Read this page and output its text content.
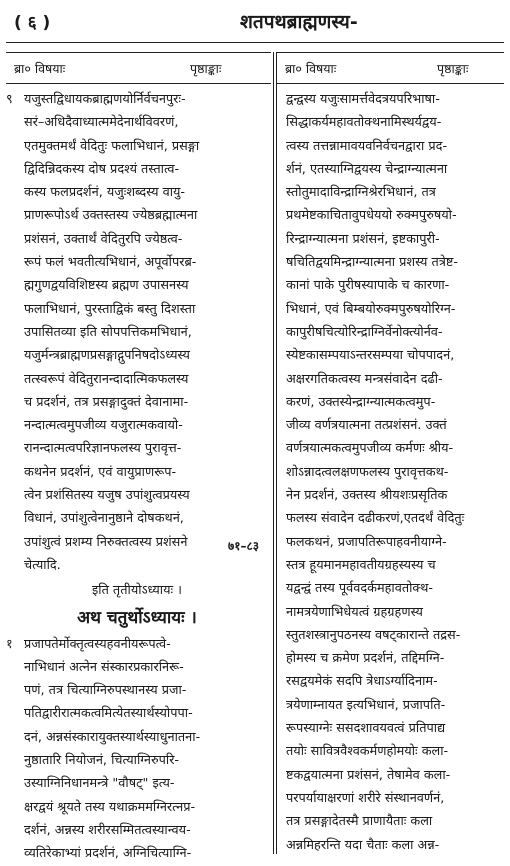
( ६ )	शतपथब्राह्मणस्य-
ब्रा० विषयाः	पृष्ठाङ्काः	ब्रा० विषयाः	पृष्ठाङ्काः
९ यजुस्तद्विधायकब्राह्मणयोर्निर्वचनपुरः-
सरं–अधिदैवाध्यात्ममेदेनार्थविवरणं,
एतमुक्तमर्थं वेदितुः फलाभिधानं, प्रसङ्गा
द्विदिन्निदकस्य दोष प्रदश्यं तस्तात्व-
कस्य फलप्रदर्शनं, यजुःशब्दस्य वायु-
प्राणरूपोऽर्थ उक्तस्तस्य ज्येष्ठब्रह्मात्मना
प्रशंसनं, उक्तार्थं वेदितुरपि ज्येष्ठत्व-
रूपं फलं भवतीत्यभिधानं, अपूर्वोपरब्र-
ह्मगुणद्वयविशिष्टस्य ब्रह्मण उपासनस्य
फलाभिधानं, पुरस्ताद्विकं बस्तु दिशस्ता
उपासितव्या इति सोपपत्तिकमभिधानं,
यजुर्मन्त्रब्राह्मणप्रसङ्गाद्गुपनिषदोऽध्यस्य
तत्स्वरूपं वेदितुरानन्दादात्मिकफलस्य
च प्रदर्शनं, तत्र प्रसङ्गादुक्तं देवानामा-
नन्दात्मत्वमुपजीव्य यजुरात्मकवायो-
रानन्दात्मत्वपरिज्ञानफलस्य पुरावृत्त-
कथनेन प्रदर्शनं, एवं वायुप्राणरूप-
त्वेन प्रशंसितस्य यजुष उपांशुत्वप्रयस्य
विधानं, उपांशुत्वेनानुष्ठाने दोषकथनं,
उपांशुत्वं प्रशम्य निरुक्तत्वस्य प्रशंसने
चेत्यादि.
इति तृतीयोऽध्यायः ।
अथ चतुर्थोऽध्यायः ।
१ प्रजापतेर्मोक्तृत्वस्यहवनीयरूपत्वे-
नाभिधानं अत्नेन संस्कारप्रकारनिरू-
पणं, तत्र चित्याग्निरुपस्थानस्य प्रजा-
पतिद्वारीरात्मकत्वमित्येतस्यार्थस्योपपा-
दनं, अन्नसंस्कारायुक्तस्यार्थस्याधुनातना-
नुष्ठातारि नियोजनं, चित्याग्निरुपरि-
उस्याग्निनिधानमन्त्रे "वौषट्" इत्य-
क्षरद्वयं श्रूयते तस्य यथाक्रममग्निरत्नप्र-
दर्शनं, अन्नस्य शरीरसम्मितत्वस्यान्वय-
व्यतिरेकाभ्यां प्रदर्शनं, अग्निचित्याग्नि-
७१–८३
द्वन्द्वस्य यजुःसामर्त्तवेदत्रयपरिभाषा-
सिद्धाकर्यमहावतोक्थनामिस्थर्यद्वय-
त्वस्य तत्तन्नामावयवनिर्वचनद्वारा प्रद-
र्शनं, एतस्याग्निद्वयस्य चेन्द्राग्न्यात्मना
स्तोतुमादाविन्द्राग्निश्रेरभिधानं, तत्र
प्रथमेष्टकाचितावुपधेययो रुक्मपुरुषयो-
रिन्द्राग्न्यात्मना प्रशंसनं, इष्टकापुरी-
षचितिद्वयमिन्द्राग्न्यात्मना प्रशस्य तत्रेष्ट-
कानां पाके पुरीषस्यापाके च कारणा-
भिधानं, एवं बिम्बयोरुक्मपुरुषयोरिग्न-
कापुरीषचित्योरिन्द्राग्निर्वेनोक्त्योर्नव-
स्येष्टकासम्पयाऽन्तरसम्पया चोपपादनं,
अक्षरगतिकत्वस्य मन्त्रसंवादेन दढी-
करणं, उक्तस्येन्द्राग्न्यात्मकत्वमुप-
जीव्य वर्णत्रयात्मना तत्प्रशंसनं. उक्तं
वर्णत्रयात्मकत्वमुपजीव्य कर्मणः श्रीय-
शोऽन्नादत्वलक्षणफलस्य पुरावृत्तकथ-
नेन प्रदर्शनं, उक्तस्य श्रीयशःप्रसृतिक
फलस्य संवादेन दढीकरणं,एतदर्थं वेदितुः
फलकथनं, प्रजापतिरूपाहवनीयाग्ने-
स्तत्र हूयमानमहावतीयग्रहस्यस्य च
यद्वन्द्वं तस्य पूर्ववदर्कमहावतोक्थ-
नामत्रयेणाभिधेयत्वं ग्रहग्रहणस्य
स्तुतशस्त्रानुपठनस्य वषट्कारान्ते तद्रस-
होमस्य च क्रमेण प्रदर्शनं, तद्दिमग्नि-
रसद्वयमेकं सदपि त्रेधाऽर्ग्यादिनाम-
त्रयेणाम्नायत इत्यभिधानं, प्रजापति-
रूपस्याग्नेः ससदशावयवत्वं प्रतिपाद्य
तयोः सावित्रवैश्वकर्मणहोमयोः कला-
ष्टकद्वयात्मना प्रशंसनं, तेषामेव कला-
परपर्यायाक्षरणां शरीरे संस्थानवर्णनं,
तत्र प्रसङ्गादेतस्मै प्राणायैताः कला
अन्नमिहरन्ति यदा चैताः कला अन्न-
